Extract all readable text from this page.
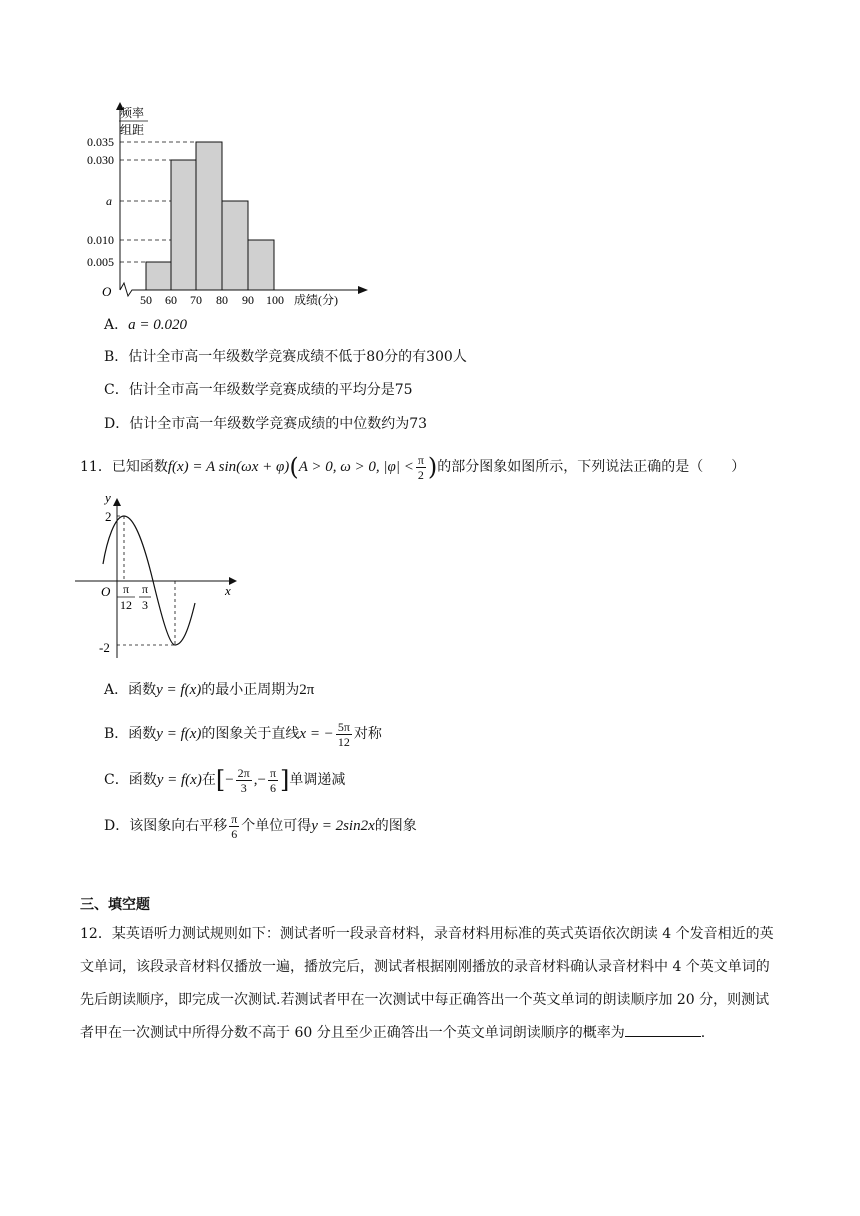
频率
组距
0.035
0.030
a
0.010
0.005
O
50 60 70 80 90 100 成绩(分)
A．a = 0.020
B．估计全市高一年级数学竞赛成绩不低于80分的有300人
C．估计全市高一年级数学竞赛成绩的平均分是75
D．估计全市高一年级数学竞赛成绩的中位数约为73
11．已知函数f(x) = A sin(ωx + φ)(A > 0, ω > 0, $|\varphi| < \frac{\pi}{2}$ )的部分图象如图所示，下列说法正确的是（　　）
y
x
O
2
-2
π
12
π
3
A．函数y = f(x)的最小正周期为2π
B．函数y = f(x)的图象关于直线x = − $\frac{5\pi}{12}$ 对称
C．函数y = f(x)在[− $\frac{2\pi}{3}$ ,− $\frac{\pi}{6}$ ]单调递减
D．该图象向右平移 $\frac{\pi}{6}$ 个单位可得y = 2sin2x的图象
三、填空题
12．某英语听力测试规则如下：测试者听一段录音材料，录音材料用标准的英式英语依次朗读 4 个发音相近的英文单词，该段录音材料仅播放一遍，播放完后，测试者根据刚刚播放的录音材料确认录音材料中 4 个英文单词的先后朗读顺序，即完成一次测试.若测试者甲在一次测试中每正确答出一个英文单词的朗读顺序加 20 分，则测试者甲在一次测试中所得分数不高于 60 分且至少正确答出一个英文单词朗读顺序的概率为	.
